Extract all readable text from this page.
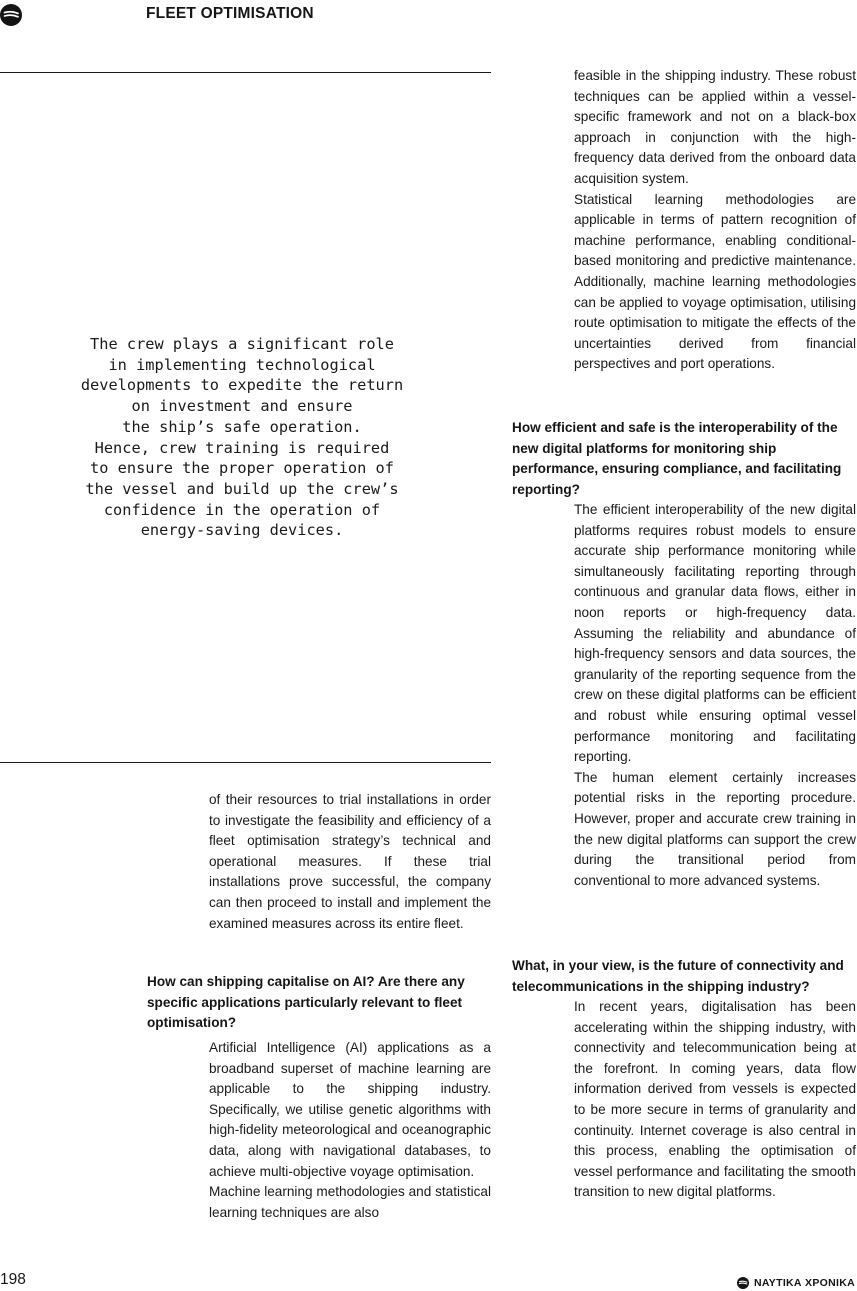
FLEET OPTIMISATION
The crew plays a significant role
in implementing technological
developments to expedite the return
on investment and ensure
the ship’s safe operation.
Hence, crew training is required
to ensure the proper operation of
the vessel and build up the crew’s
confidence in the operation of
energy-saving devices.

of their resources to trial installations in order to investigate the feasibility and efficiency of a fleet optimisation strategy’s technical and operational measures. If these trial installations prove successful, the company can then proceed to install and implement the examined measures across its entire fleet.

How can shipping capitalise on AI? Are there any specific applications particularly relevant to fleet optimisation?

Artificial Intelligence (AI) applications as a broadband superset of machine learning are applicable to the shipping industry. Specifically, we utilise genetic algorithms with high-fidelity meteorological and oceanographic data, along with navigational databases, to achieve multi-objective voyage optimisation.

Machine learning methodologies and statistical learning techniques are also

feasible in the shipping industry. These robust techniques can be applied within a vessel-specific framework and not on a black-box approach in conjunction with the high-frequency data derived from the onboard data acquisition system.

Statistical learning methodologies are applicable in terms of pattern recognition of machine performance, enabling conditional-based monitoring and predictive maintenance. Additionally, machine learning methodologies can be applied to voyage optimisation, utilising route optimisation to mitigate the effects of the uncertainties derived from financial perspectives and port operations.

How efficient and safe is the interoperability of the new digital platforms for monitoring ship performance, ensuring compliance, and facilitating reporting?

The efficient interoperability of the new digital platforms requires robust models to ensure accurate ship performance monitoring while simultaneously facilitating reporting through continuous and granular data flows, either in noon reports or high-frequency data. Assuming the reliability and abundance of high-frequency sensors and data sources, the granularity of the reporting sequence from the crew on these digital platforms can be efficient and robust while ensuring optimal vessel performance monitoring and facilitating reporting.

The human element certainly increases potential risks in the reporting procedure. However, proper and accurate crew training in the new digital platforms can support the crew during the transitional period from conventional to more advanced systems.

What, in your view, is the future of connectivity and telecommunications in the shipping industry?

In recent years, digitalisation has been accelerating within the shipping industry, with connectivity and telecommunication being at the forefront. In coming years, data flow information derived from vessels is expected to be more secure in terms of granularity and continuity. Internet coverage is also central in this process, enabling the optimisation of vessel performance and facilitating the smooth transition to new digital platforms.

198	ΝΑΥΤΙΚΑ ΧΡΟΝΙΚΑ
